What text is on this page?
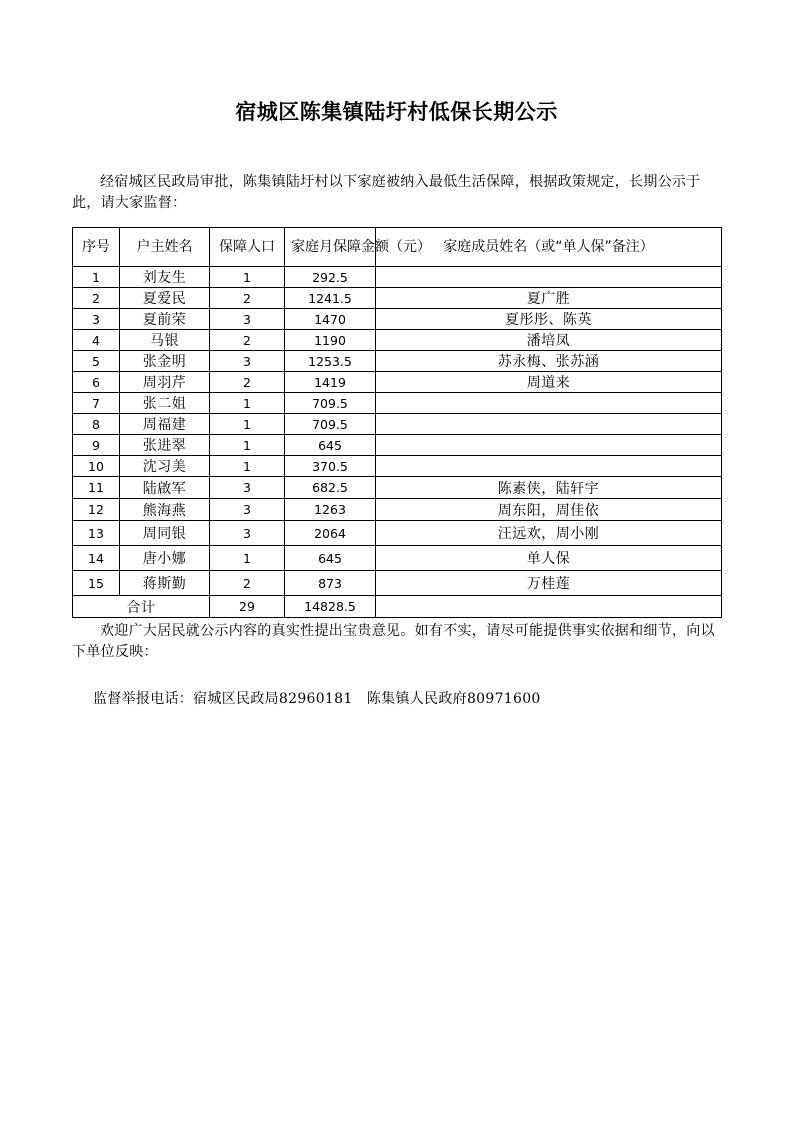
宿城区陈集镇陆圩村低保长期公示
经宿城区民政局审批，陈集镇陆圩村以下家庭被纳入最低生活保障，根据政策规定，长期公示于此，请大家监督：
序号	户主姓名	保障人口	家庭月保障金额（元）	家庭成员姓名（或“单人保”备注）
1	刘友生	1	292.5	
2	夏爱民	2	1241.5	夏广胜
3	夏前荣	3	1470	夏彤彤、陈英
4	马银	2	1190	潘培凤
5	张金明	3	1253.5	苏永梅、张苏涵
6	周羽芹	2	1419	周道来
7	张二姐	1	709.5	
8	周福建	1	709.5	
9	张进翠	1	645	
10	沈习美	1	370.5	
11	陆啟军	3	682.5	陈素侠，陆轩宇
12	熊海燕	3	1263	周东阳，周佳依
13	周同银	3	2064	汪远欢，周小刚
14	唐小娜	1	645	单人保
15	蒋斯勤	2	873	万桂莲
合计		29	14828.5	
欢迎广大居民就公示内容的真实性提出宝贵意见。如有不实，请尽可能提供事实依据和细节，向以下单位反映：
监督举报电话：宿城区民政局82960181　陈集镇人民政府80971600
